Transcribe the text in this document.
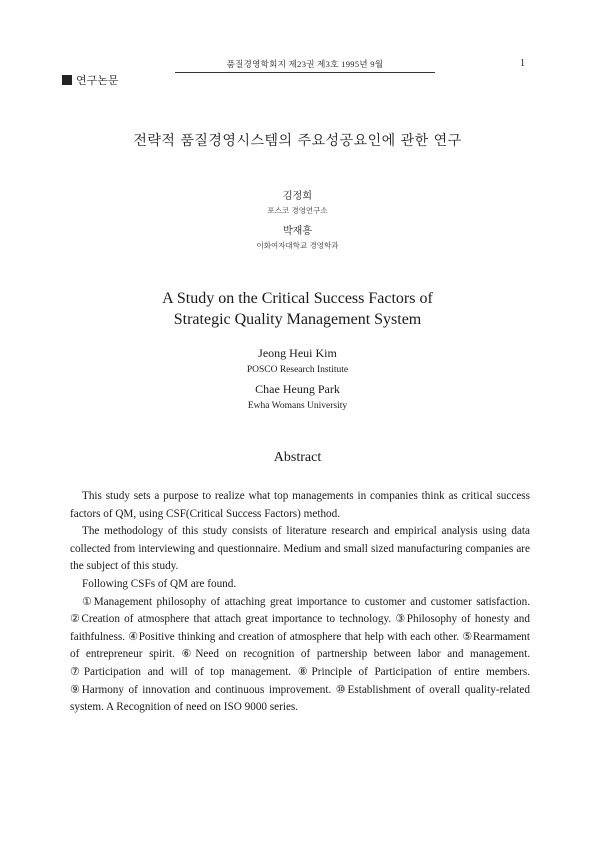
품질경영학회지 제23권 제3호 1995년 9월	1
연구논문
전략적 품질경영시스템의 주요성공요인에 관한 연구
김정희
포스코 경영연구소
박재흥
이화여자대학교 경영학과
A Study on the Critical Success Factors of
Strategic Quality Management System
Jeong Heui Kim
POSCO Research Institute
Chae Heung Park
Ewha Womans University
Abstract

This study sets a purpose to realize what top managements in companies think as critical success factors of QM, using CSF(Critical Success Factors) method.

The methodology of this study consists of literature research and empirical analysis using data collected from interviewing and questionnaire. Medium and small sized manufacturing companies are the subject of this study.

Following CSFs of QM are found.

①Management philosophy of attaching great importance to customer and customer satisfaction. ②Creation of atmosphere that attach great importance to technology. ③Philosophy of honesty and faithfulness. ④Positive thinking and creation of atmosphere that help with each other. ⑤Rearmament of entrepreneur spirit. ⑥Need on recognition of partnership between labor and management. ⑦Participation and will of top management. ⑧Principle of Participation of entire members. ⑨Harmony of innovation and continuous improvement. ⑩Establishment of overall quality-related system. A Recognition of need on ISO 9000 series.
